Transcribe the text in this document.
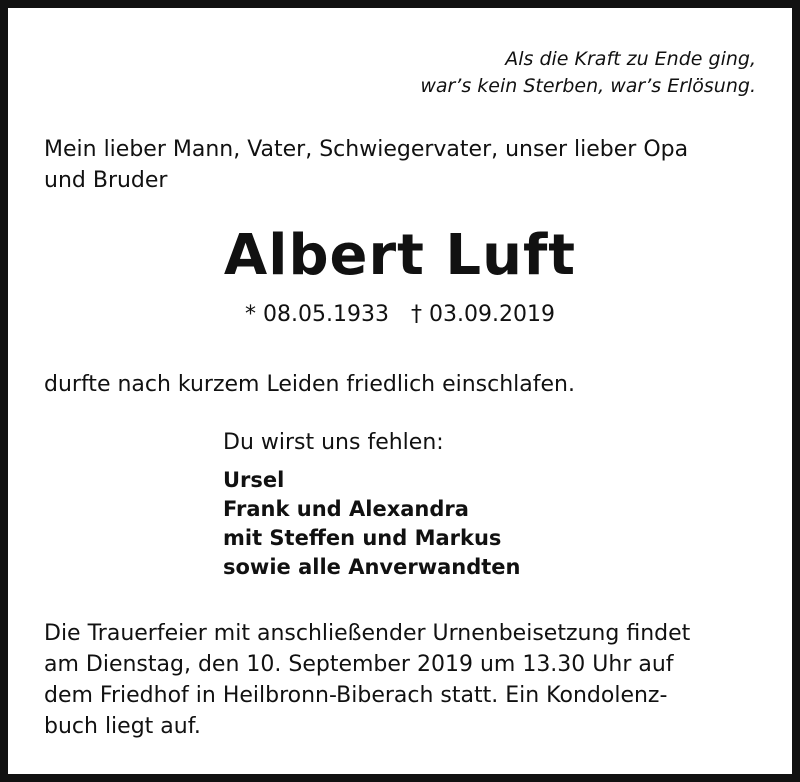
Als die Kraft zu Ende ging,
war’s kein Sterben, war’s Erlösung.
Mein lieber Mann, Vater, Schwiegervater, unser lieber Opa
und Bruder
Albert Luft
* 08.05.1933 † 03.09.2019
durfte nach kurzem Leiden friedlich einschlafen.
Du wirst uns fehlen:
Ursel
Frank und Alexandra
mit Steffen und Markus
sowie alle Anverwandten
Die Trauerfeier mit anschließender Urnenbeisetzung findet
am Dienstag, den 10. September 2019 um 13.30 Uhr auf
dem Friedhof in Heilbronn-Biberach statt. Ein Kondolenz-
buch liegt auf.
